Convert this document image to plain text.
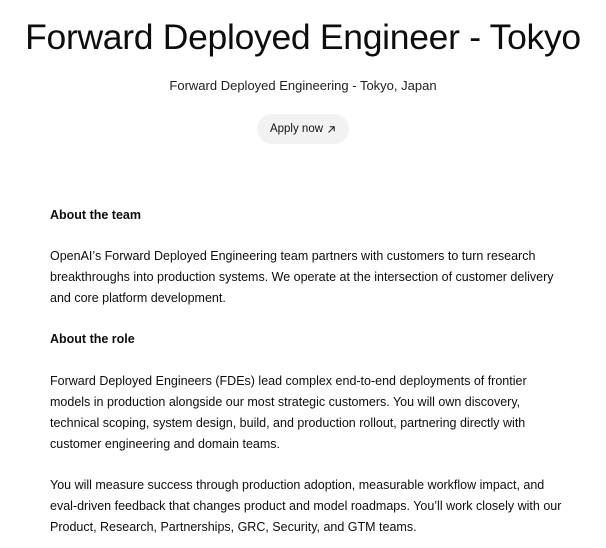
Forward Deployed Engineer - Tokyo
Forward Deployed Engineering - Tokyo, Japan
Apply now
About the team

OpenAI’s Forward Deployed Engineering team partners with customers to turn research breakthroughs into production systems. We operate at the intersection of customer delivery and core platform development.

About the role

Forward Deployed Engineers (FDEs) lead complex end-to-end deployments of frontier models in production alongside our most strategic customers. You will own discovery, technical scoping, system design, build, and production rollout, partnering directly with customer engineering and domain teams.

You will measure success through production adoption, measurable workflow impact, and eval-driven feedback that changes product and model roadmaps. You’ll work closely with our Product, Research, Partnerships, GRC, Security, and GTM teams.
